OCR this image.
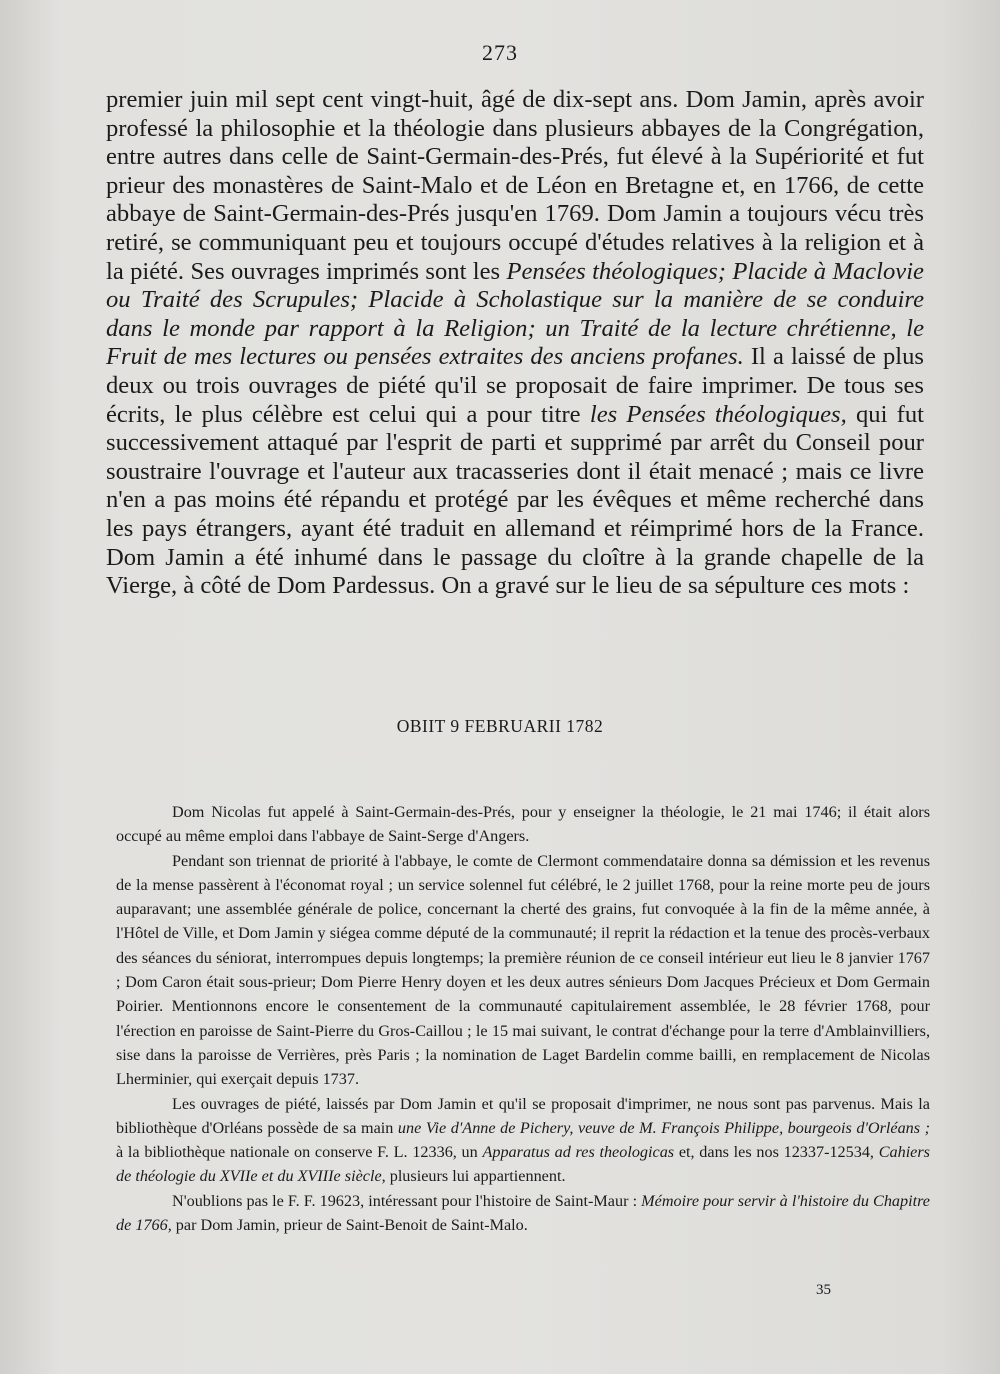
273

premier juin mil sept cent vingt-huit, âgé de dix-sept ans. Dom Jamin, après avoir professé la philosophie et la théologie dans plusieurs abbayes de la Congrégation, entre autres dans celle de Saint-Germain-des-Prés, fut élevé à la Supériorité et fut prieur des monastères de Saint-Malo et de Léon en Bretagne et, en 1766, de cette abbaye de Saint-Germain-des-Prés jusqu'en 1769. Dom Jamin a toujours vécu très retiré, se communiquant peu et toujours occupé d'études relatives à la religion et à la piété. Ses ouvrages imprimés sont les Pensées théologiques; Placide à Maclovie ou Traité des Scrupules; Placide à Scholastique sur la manière de se conduire dans le monde par rapport à la Religion; un Traité de la lecture chrétienne, le Fruit de mes lectures ou pensées extraites des anciens profanes. Il a laissé de plus deux ou trois ouvrages de piété qu'il se proposait de faire imprimer. De tous ses écrits, le plus célèbre est celui qui a pour titre les Pensées théologiques, qui fut successivement attaqué par l'esprit de parti et supprimé par arrêt du Conseil pour soustraire l'ouvrage et l'auteur aux tracasseries dont il était menacé ; mais ce livre n'en a pas moins été répandu et protégé par les évêques et même recherché dans les pays étrangers, ayant été traduit en allemand et réimprimé hors de la France. Dom Jamin a été inhumé dans le passage du cloître à la grande chapelle de la Vierge, à côté de Dom Pardessus. On a gravé sur le lieu de sa sépulture ces mots :

OBIIT 9 FEBRUARII 1782

Dom Nicolas fut appelé à Saint-Germain-des-Prés, pour y enseigner la théologie, le 21 mai 1746; il était alors occupé au même emploi dans l'abbaye de Saint-Serge d'Angers.

Pendant son triennat de priorité à l'abbaye, le comte de Clermont commendataire donna sa démission et les revenus de la mense passèrent à l'économat royal ; un service solennel fut célébré, le 2 juillet 1768, pour la reine morte peu de jours auparavant; une assemblée générale de police, concernant la cherté des grains, fut convoquée à la fin de la même année, à l'Hôtel de Ville, et Dom Jamin y siégea comme député de la communauté; il reprit la rédaction et la tenue des procès-verbaux des séances du séniorat, interrompues depuis longtemps; la première réunion de ce conseil intérieur eut lieu le 8 janvier 1767 ; Dom Caron était sous-prieur; Dom Pierre Henry doyen et les deux autres sénieurs Dom Jacques Précieux et Dom Germain Poirier. Mentionnons encore le consentement de la communauté capitulairement assemblée, le 28 février 1768, pour l'érection en paroisse de Saint-Pierre du Gros-Caillou ; le 15 mai suivant, le contrat d'échange pour la terre d'Amblainvilliers, sise dans la paroisse de Verrières, près Paris ; la nomination de Laget Bardelin comme bailli, en remplacement de Nicolas Lherminier, qui exerçait depuis 1737.

Les ouvrages de piété, laissés par Dom Jamin et qu'il se proposait d'imprimer, ne nous sont pas parvenus. Mais la bibliothèque d'Orléans possède de sa main une Vie d'Anne de Pichery, veuve de M. François Philippe, bourgeois d'Orléans ; à la bibliothèque nationale on conserve F. L. 12336, un Apparatus ad res theologicas et, dans les nos 12337-12534, Cahiers de théologie du XVIIe et du XVIIIe siècle, plusieurs lui appartiennent.

N'oublions pas le F. F. 19623, intéressant pour l'histoire de Saint-Maur : Mémoire pour servir à l'histoire du Chapitre de 1766, par Dom Jamin, prieur de Saint-Benoit de Saint-Malo.

35
